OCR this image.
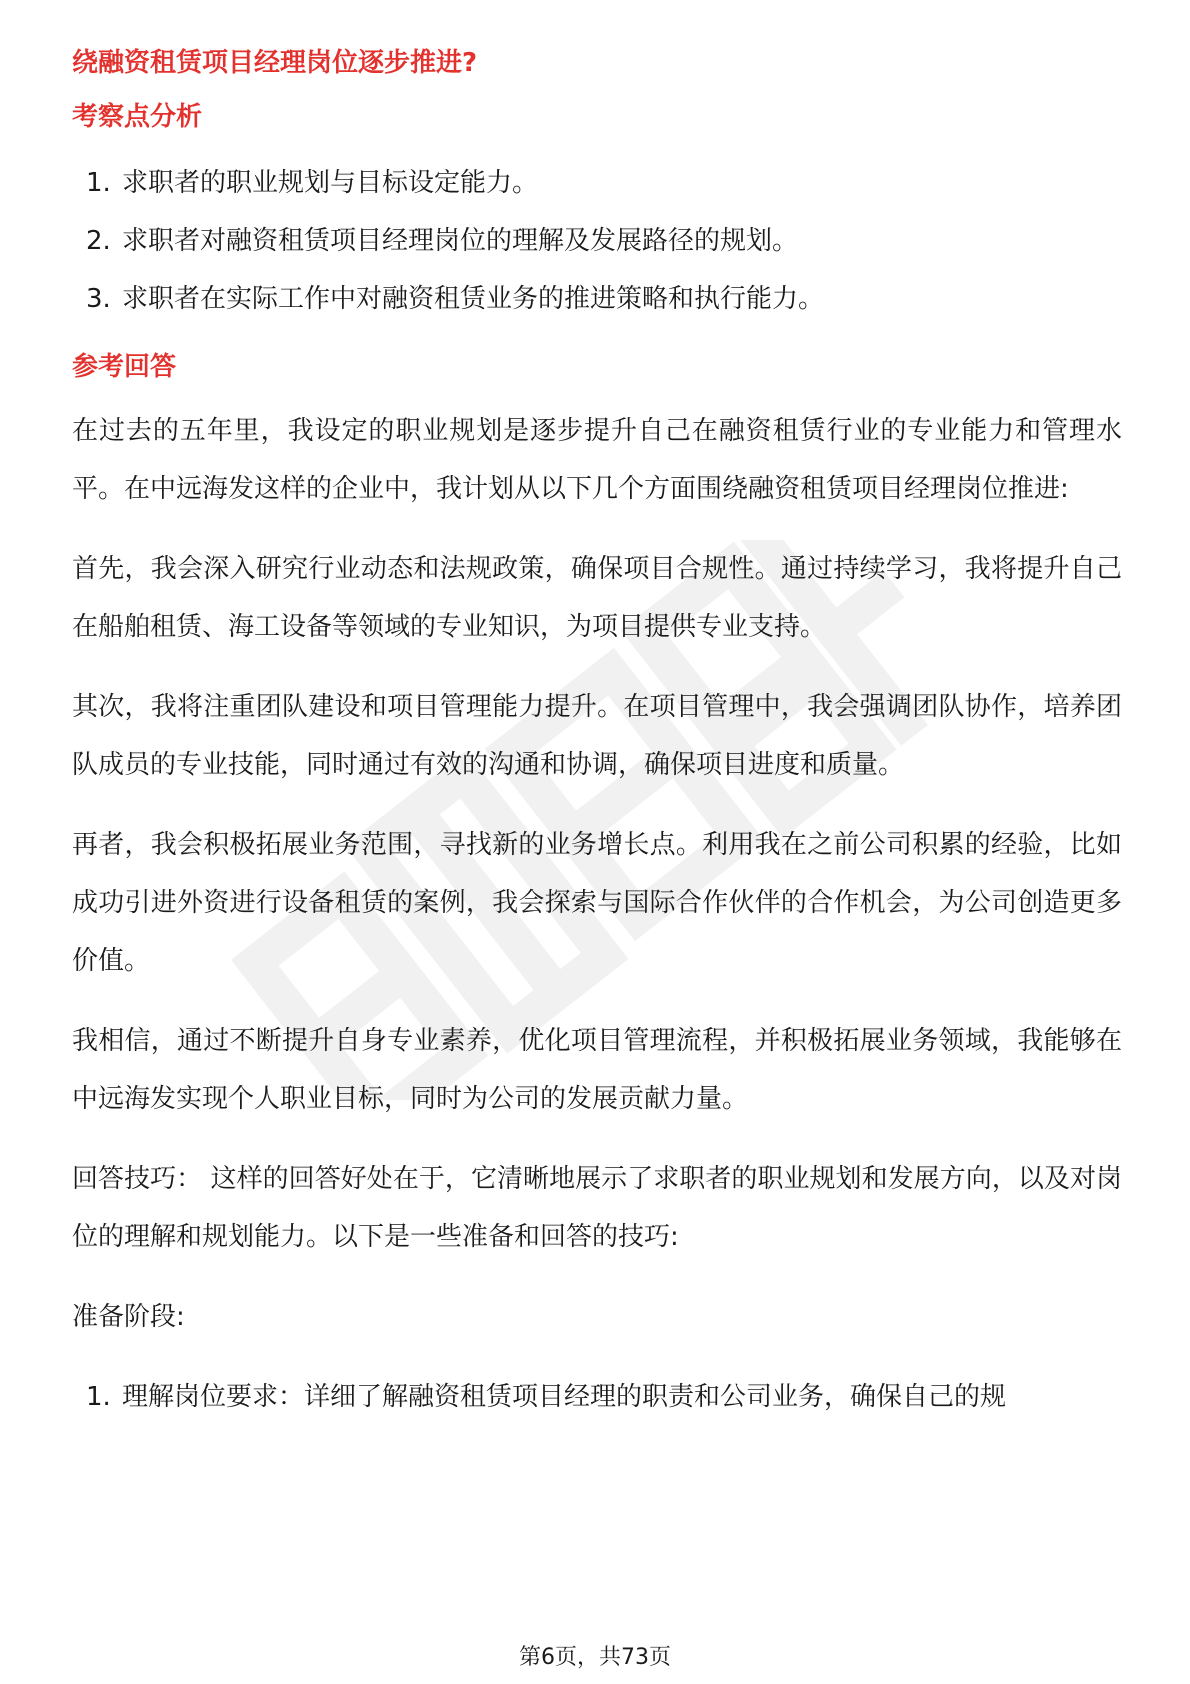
绕融资租赁项目经理岗位逐步推进?
考察点分析
1. 求职者的职业规划与目标设定能力。
2. 求职者对融资租赁项目经理岗位的理解及发展路径的规划。
3. 求职者在实际工作中对融资租赁业务的推进策略和执行能力。
参考回答

在过去的五年里，我设定的职业规划是逐步提升自己在融资租赁行业的专业能力和管理水平。在中远海发这样的企业中，我计划从以下几个方面围绕融资租赁项目经理岗位推进:

首先，我会深入研究行业动态和法规政策，确保项目合规性。通过持续学习，我将提升自己在船舶租赁、海工设备等领域的专业知识，为项目提供专业支持。

其次，我将注重团队建设和项目管理能力提升。在项目管理中，我会强调团队协作，培养团队成员的专业技能，同时通过有效的沟通和协调，确保项目进度和质量。

再者，我会积极拓展业务范围，寻找新的业务增长点。利用我在之前公司积累的经验，比如成功引进外资进行设备租赁的案例，我会探索与国际合作伙伴的合作机会，为公司创造更多价值。

我相信，通过不断提升自身专业素养，优化项目管理流程，并积极拓展业务领域，我能够在中远海发实现个人职业目标，同时为公司的发展贡献力量。

回答技巧： 这样的回答好处在于，它清晰地展示了求职者的职业规划和发展方向，以及对岗位的理解和规划能力。以下是一些准备和回答的技巧:

准备阶段:

1. 理解岗位要求：详细了解融资租赁项目经理的职责和公司业务，确保自己的规
第6页，共73页
